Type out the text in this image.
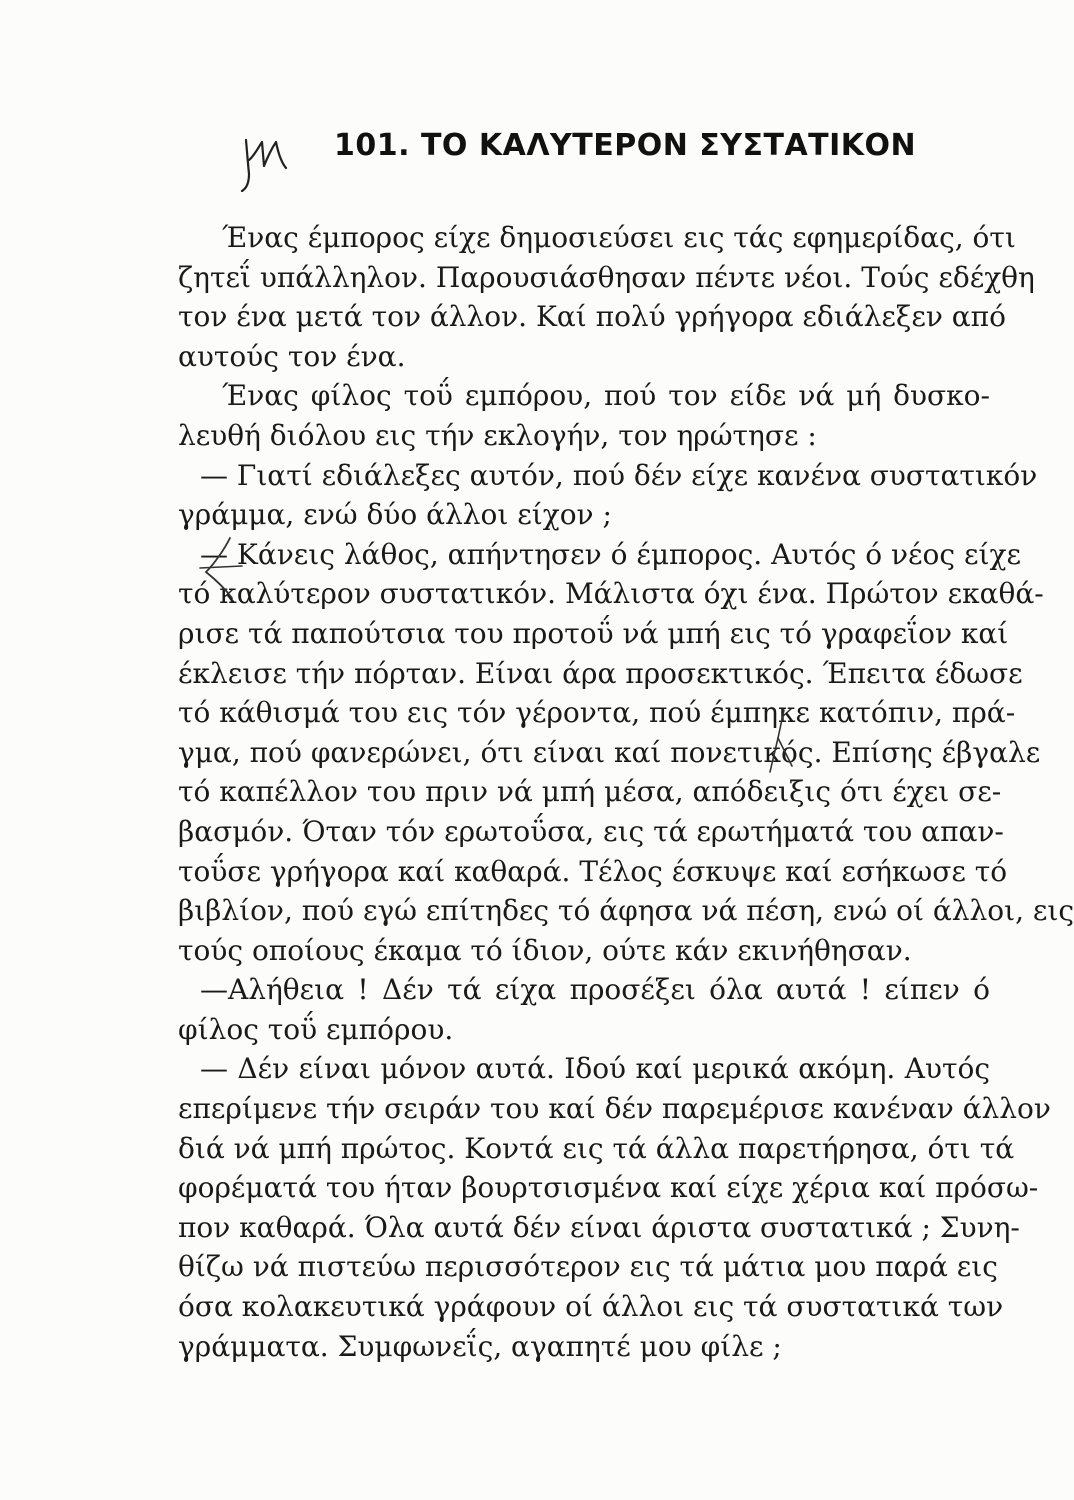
101. ΤΟ ΚΑΛΥΤΕΡΟΝ ΣΥΣΤΑΤΙΚΟΝ
Ένας έμπορος είχε δημοσιεύσει εις τάς εφημερίδας, ότι
ζητεΐ υπάλληλον. Παρουσιάσθησαν πέντε νέοι. Τούς εδέχθη
τον ένα μετά τον άλλον. Καί πολύ γρήγορα εδιάλεξεν από
αυτούς τον ένα.
Ένας φίλος τοΰ εμπόρου, πού τον είδε νά μή δυσκο-
λευθή διόλου εις τήν εκλογήν, τον ηρώτησε :
— Γιατί εδιάλεξες αυτόν, πού δέν είχε κανένα συστατικόν
γράμμα, ενώ δύο άλλοι είχον ;
— Κάνεις λάθος, απήντησεν ό έμπορος. Αυτός ό νέος είχε
τό καλύτερον συστατικόν. Μάλιστα όχι ένα. Πρώτον εκαθά-
ρισε τά παπούτσια του προτοΰ νά μπή εις τό γραφεΐον καί
έκλεισε τήν πόρταν. Είναι άρα προσεκτικός. Έπειτα έδωσε
τό κάθισμά του εις τόν γέροντα, πού έμπηκε κατόπιν, πρά-
γμα, πού φανερώνει, ότι είναι καί πονετικός. Επίσης έβγαλε
τό καπέλλον του πριν νά μπή μέσα, απόδειξις ότι έχει σε-
βασμόν. Όταν τόν ερωτοΰσα, εις τά ερωτήματά του απαν-
τοΰσε γρήγορα καί καθαρά. Τέλος έσκυψε καί εσήκωσε τό
βιβλίον, πού εγώ επίτηδες τό άφησα νά πέση, ενώ οί άλλοι, εις
τούς οποίους έκαμα τό ίδιον, ούτε κάν εκινήθησαν.
—Αλήθεια ! Δέν τά είχα προσέξει όλα αυτά ! είπεν ό
φίλος τοΰ εμπόρου.
— Δέν είναι μόνον αυτά. Ιδού καί μερικά ακόμη. Αυτός
επερίμενε τήν σειράν του καί δέν παρεμέρισε κανέναν άλλον
διά νά μπή πρώτος. Κοντά εις τά άλλα παρετήρησα, ότι τά
φορέματά του ήταν βουρτσισμένα καί είχε χέρια καί πρόσω-
πον καθαρά. Όλα αυτά δέν είναι άριστα συστατικά ; Συνη-
θίζω νά πιστεύω περισσότερον εις τά μάτια μου παρά εις
όσα κολακευτικά γράφουν οί άλλοι εις τά συστατικά των
γράμματα. Συμφωνεΐς, αγαπητέ μου φίλε ;
